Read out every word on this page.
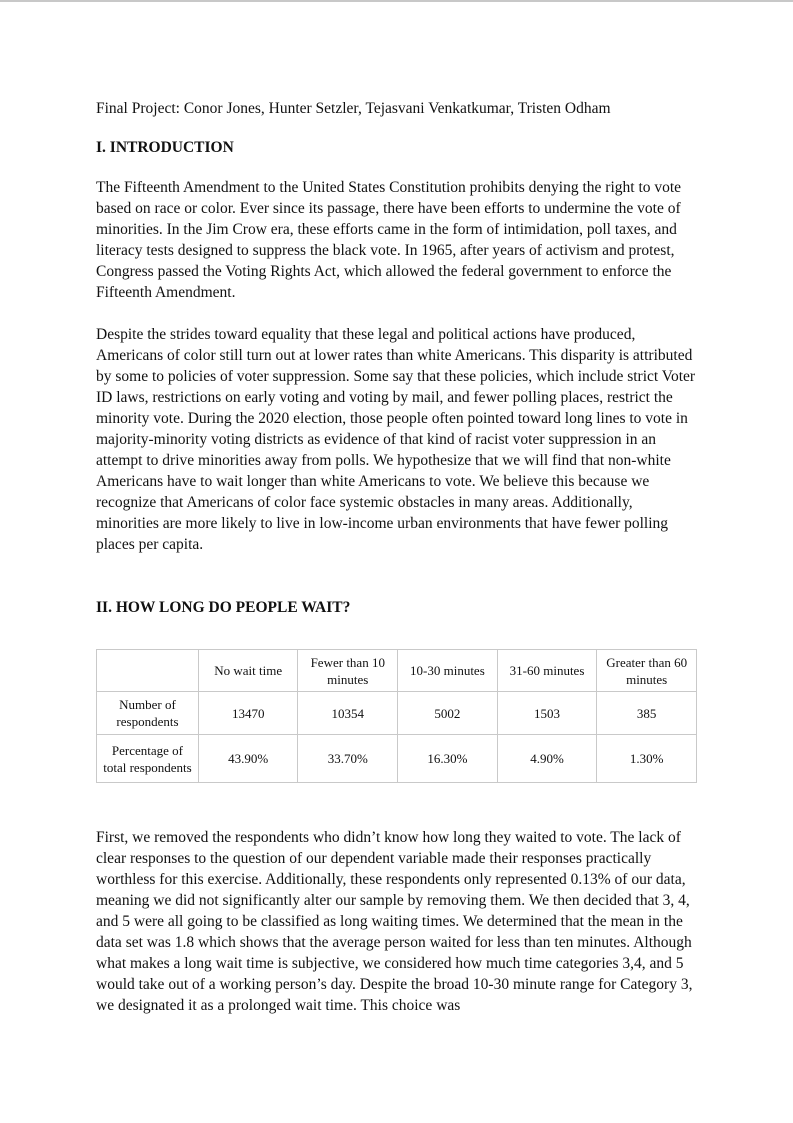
Final Project: Conor Jones, Hunter Setzler, Tejasvani Venkatkumar, Tristen Odham

I. INTRODUCTION

The Fifteenth Amendment to the United States Constitution prohibits denying the right to vote based on race or color. Ever since its passage, there have been efforts to undermine the vote of minorities. In the Jim Crow era, these efforts came in the form of intimidation, poll taxes, and literacy tests designed to suppress the black vote. In 1965, after years of activism and protest, Congress passed the Voting Rights Act, which allowed the federal government to enforce the Fifteenth Amendment.

Despite the strides toward equality that these legal and political actions have produced, Americans of color still turn out at lower rates than white Americans. This disparity is attributed by some to policies of voter suppression. Some say that these policies, which include strict Voter ID laws, restrictions on early voting and voting by mail, and fewer polling places, restrict the minority vote. During the 2020 election, those people often pointed toward long lines to vote in majority-minority voting districts as evidence of that kind of racist voter suppression in an attempt to drive minorities away from polls. We hypothesize that we will find that non-white Americans have to wait longer than white Americans to vote. We believe this because we recognize that Americans of color face systemic obstacles in many areas. Additionally, minorities are more likely to live in low-income urban environments that have fewer polling places per capita.

II. HOW LONG DO PEOPLE WAIT?
	No wait time	Fewer than 10 minutes	10-30 minutes	31-60 minutes	Greater than 60 minutes
Number of respondents	13470	10354	5002	1503	385
Percentage of total respondents	43.90%	33.70%	16.30%	4.90%	1.30%

First, we removed the respondents who didn’t know how long they waited to vote. The lack of clear responses to the question of our dependent variable made their responses practically worthless for this exercise. Additionally, these respondents only represented 0.13% of our data, meaning we did not significantly alter our sample by removing them. We then decided that 3, 4, and 5 were all going to be classified as long waiting times. We determined that the mean in the data set was 1.8 which shows that the average person waited for less than ten minutes. Although what makes a long wait time is subjective, we considered how much time categories 3,4, and 5 would take out of a working person’s day. Despite the broad 10-30 minute range for Category 3, we designated it as a prolonged wait time. This choice was
